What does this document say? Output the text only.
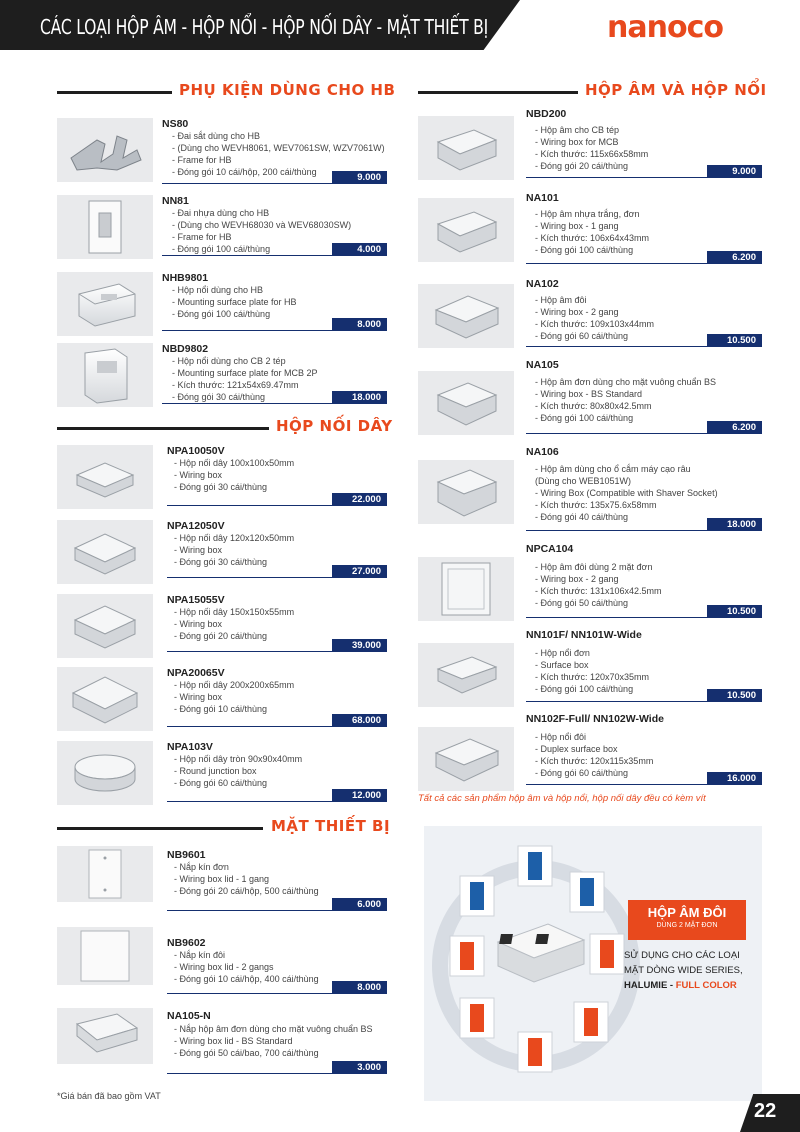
CÁC LOẠI HỘP ÂM - HỘP NỔI - HỘP NỐI DÂY - MẶT THIẾT BỊ	nanoco
PHỤ KIỆN DÙNG CHO HB	HỘP ÂM VÀ HỘP NỔI
HỘP NỐI DÂY
MẶT THIẾT BỊ
NS80
- Đai sắt dùng cho HB
- (Dùng cho WEVH8061, WEV7061SW, WZV7061W)
- Frame for HB
- Đóng gói 10 cái/hộp, 200 cái/thùng	9.000
NN81
- Đai nhựa dùng cho HB
- (Dùng cho WEVH68030 và WEV68030SW)
- Frame for HB
- Đóng gói 100 cái/thùng	4.000
NHB9801
- Hộp nổi dùng cho HB
- Mounting surface plate for HB
- Đóng gói 100 cái/thùng
8.000
NBD9802
- Hộp nổi dùng cho CB 2 tép
- Mounting surface plate for MCB 2P
- Kích thước: 121x54x69.47mm
- Đóng gói 30 cái/thùng	18.000
NPA10050V
- Hộp nối dây 100x100x50mm
- Wiring box
- Đóng gói 30 cái/thùng
22.000
NPA12050V
- Hộp nối dây 120x120x50mm
- Wiring box
- Đóng gói 30 cái/thùng
27.000
NPA15055V
- Hộp nối dây 150x150x55mm
- Wiring box
- Đóng gói 20 cái/thùng
39.000
NPA20065V
- Hộp nối dây 200x200x65mm
- Wiring box
- Đóng gói 10 cái/thùng
68.000
NPA103V
- Hộp nối dây tròn 90x90x40mm
- Round junction box
- Đóng gói 60 cái/thùng
12.000
NB9601
- Nắp kín đơn
- Wiring box lid - 1 gang
- Đóng gói 20 cái/hộp, 500 cái/thùng
6.000
NB9602
- Nắp kín đôi
- Wiring box lid - 2 gangs
- Đóng gói 10 cái/hộp, 400 cái/thùng
8.000
NA105-N
- Nắp hộp âm đơn dùng cho mặt vuông chuẩn BS
- Wiring box lid - BS Standard
- Đóng gói 50 cái/bao, 700 cái/thùng
3.000
NBD200
- Hộp âm cho CB tép
- Wiring box for MCB
- Kích thước: 115x66x58mm
- Đóng gói 20 cái/thùng	9.000
NA101
- Hộp âm nhựa trắng, đơn
- Wiring box - 1 gang
- Kích thước: 106x64x43mm
- Đóng gói 100 cái/thùng
6.200
NA102
- Hộp âm đôi
- Wiring box - 2 gang
- Kích thước: 109x103x44mm
- Đóng gói 60 cái/thùng	10.500
NA105
- Hộp âm đơn dùng cho mặt vuông chuẩn BS
- Wiring box - BS Standard
- Kích thước: 80x80x42.5mm
- Đóng gói 100 cái/thùng
6.200
NA106
- Hộp âm dùng cho ổ cắm máy cạo râu
(Dùng cho WEB1051W)
- Wiring Box (Compatible with Shaver Socket)
- Kích thước: 135x75.6x58mm
- Đóng gói 40 cái/thùng
18.000
NPCA104
- Hộp âm đôi dùng 2 mặt đơn
- Wiring box - 2 gang
- Kích thước: 131x106x42.5mm
- Đóng gói 50 cái/thùng
10.500
NN101F/ NN101W-Wide
- Hộp nổi đơn
- Surface box
- Kích thước: 120x70x35mm
- Đóng gói 100 cái/thùng
10.500
NN102F-Full/ NN102W-Wide
- Hộp nổi đôi
- Duplex surface box
- Kích thước: 120x115x35mm
- Đóng gói 60 cái/thùng	16.000
Tất cả các sản phẩm hộp âm và hộp nổi, hộp nối dây đều có kèm vít
HỘP ÂM ĐÔI
DÙNG 2 MẶT ĐƠN
SỬ DỤNG CHO CÁC LOẠI
MẶT DÒNG WIDE SERIES,
HALUMIE - FULL COLOR
*Giá bán đã bao gồm VAT
22
